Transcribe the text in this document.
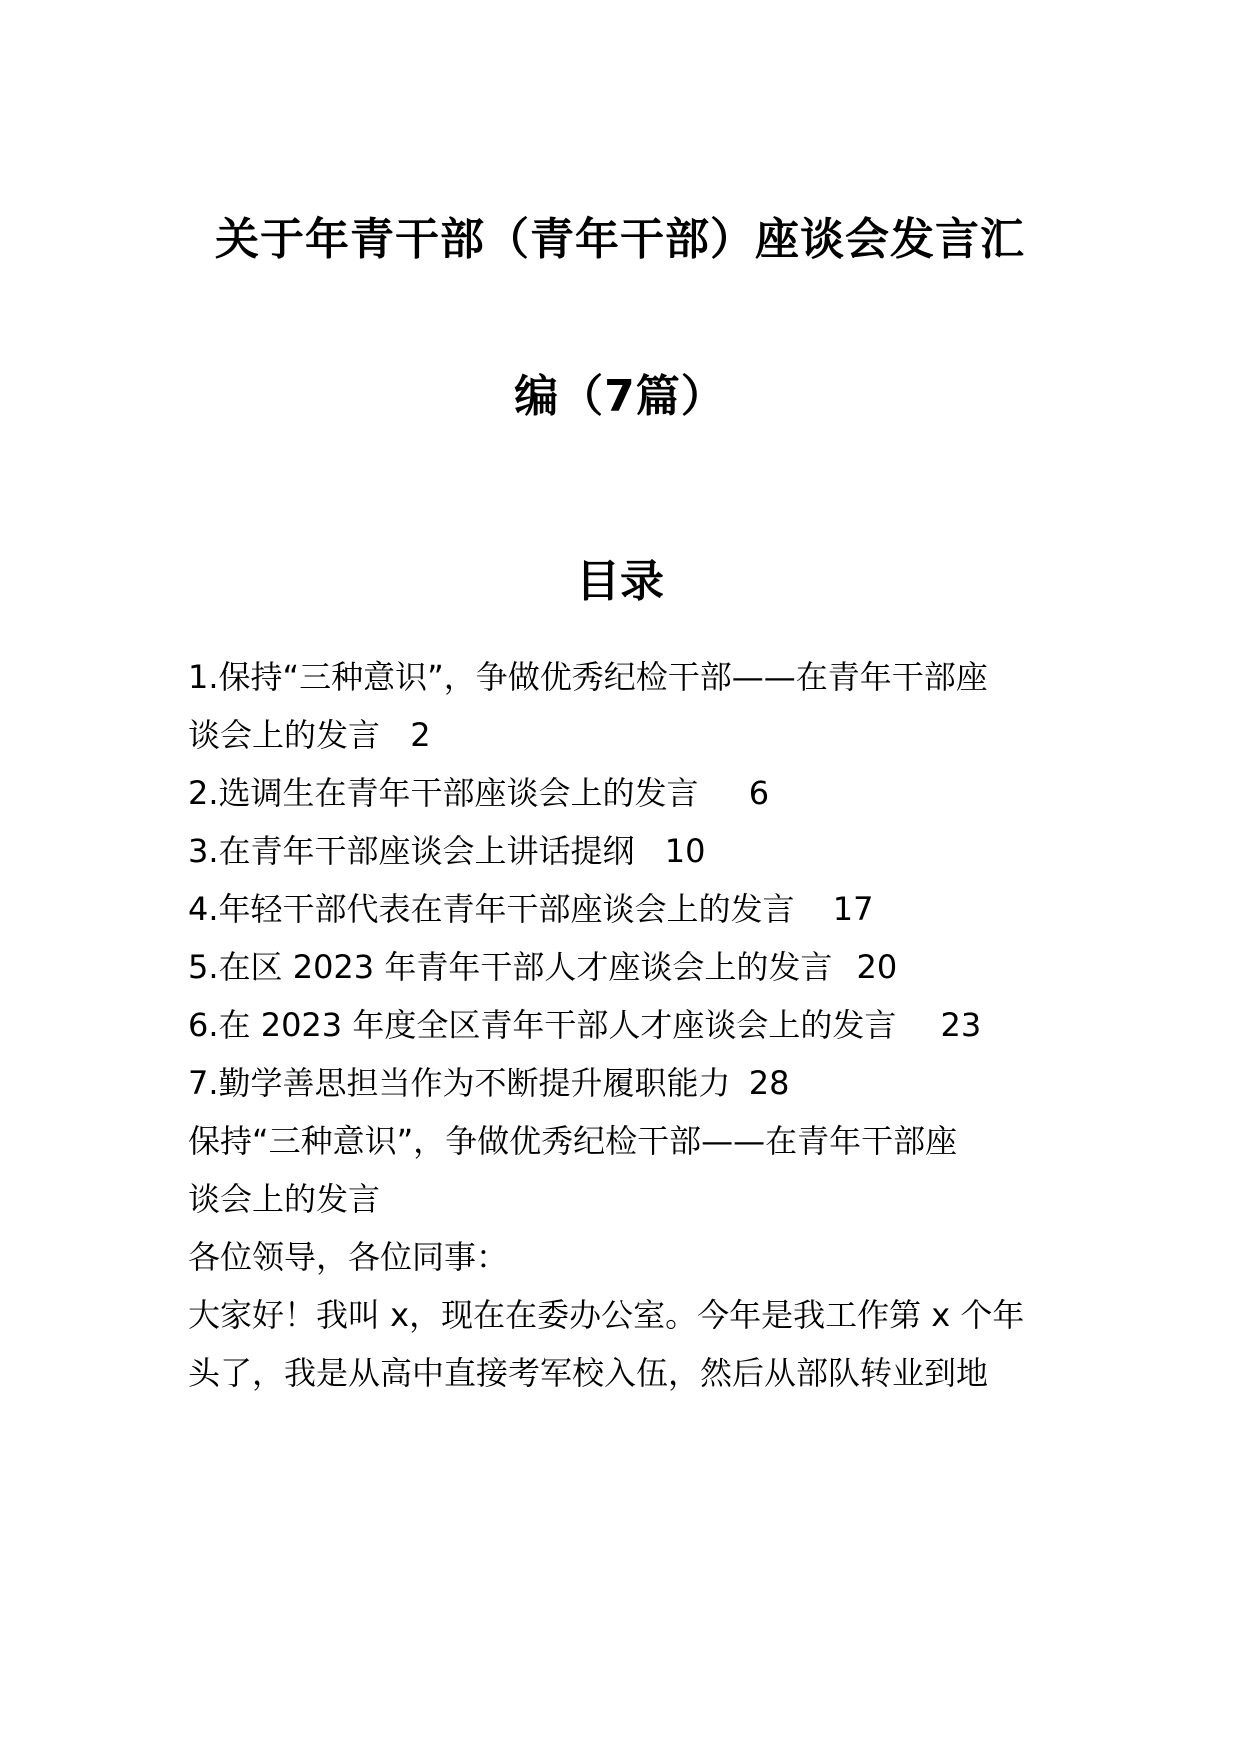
关于年青干部（青年干部）座谈会发言汇
编（7篇）
目录
1.保持“三种意识”，争做优秀纪检干部——在青年干部座
谈会上的发言 2
2.选调生在青年干部座谈会上的发言 6
3.在青年干部座谈会上讲话提纲 10
4.年轻干部代表在青年干部座谈会上的发言 17
5.在区 2023 年青年干部人才座谈会上的发言 20
6.在 2023 年度全区青年干部人才座谈会上的发言 23
7.勤学善思担当作为不断提升履职能力 28
保持“三种意识”，争做优秀纪检干部——在青年干部座
谈会上的发言
各位领导，各位同事：
大家好！我叫 x，现在在委办公室。今年是我工作第 x 个年
头了，我是从高中直接考军校入伍，然后从部队转业到地
